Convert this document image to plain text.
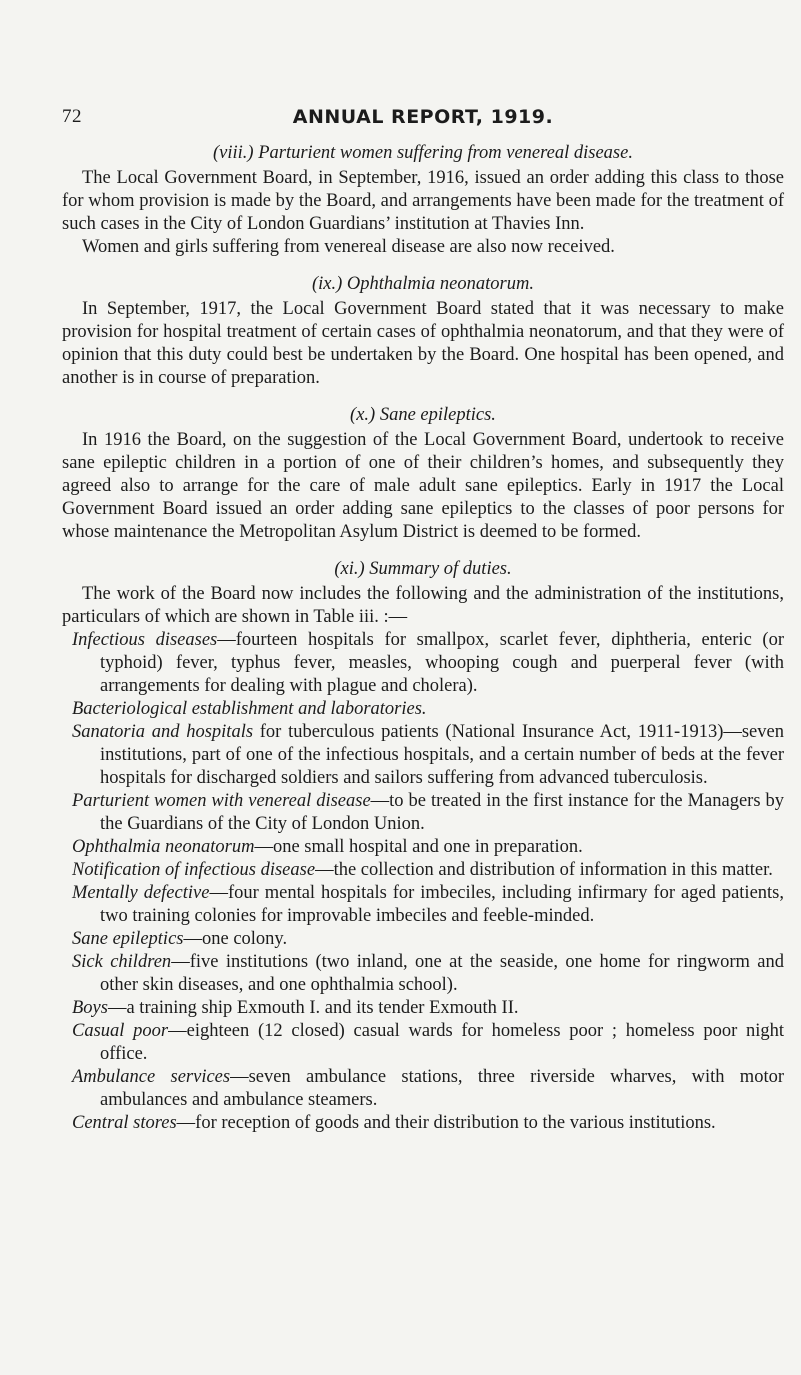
72	ANNUAL REPORT, 1919.
(viii.) Parturient women suffering from venereal disease.

The Local Government Board, in September, 1916, issued an order adding this class to those for whom provision is made by the Board, and arrangements have been made for the treatment of such cases in the City of London Guardians’ institution at Thavies Inn.

Women and girls suffering from venereal disease are also now received.

(ix.) Ophthalmia neonatorum.

In September, 1917, the Local Government Board stated that it was necessary to make provision for hospital treatment of certain cases of ophthalmia neonatorum, and that they were of opinion that this duty could best be undertaken by the Board. One hospital has been opened, and another is in course of preparation.

(x.) Sane epileptics.

In 1916 the Board, on the suggestion of the Local Government Board, undertook to receive sane epileptic children in a portion of one of their children’s homes, and subsequently they agreed also to arrange for the care of male adult sane epileptics. Early in 1917 the Local Government Board issued an order adding sane epileptics to the classes of poor persons for whose maintenance the Metropolitan Asylum District is deemed to be formed.

(xi.) Summary of duties.

The work of the Board now includes the following and the administration of the institutions, particulars of which are shown in Table iii. :—

Infectious diseases—fourteen hospitals for smallpox, scarlet fever, diphtheria, enteric (or typhoid) fever, typhus fever, measles, whooping cough and puerperal fever (with arrangements for dealing with plague and cholera).
Bacteriological establishment and laboratories.
Sanatoria and hospitals for tuberculous patients (National Insurance Act, 1911-1913)—seven institutions, part of one of the infectious hospitals, and a certain number of beds at the fever hospitals for discharged soldiers and sailors suffering from advanced tuberculosis.
Parturient women with venereal disease—to be treated in the first instance for the Managers by the Guardians of the City of London Union.
Ophthalmia neonatorum—one small hospital and one in preparation.
Notification of infectious disease—the collection and distribution of information in this matter.
Mentally defective—four mental hospitals for imbeciles, including infirmary for aged patients, two training colonies for improvable imbeciles and feeble-minded.
Sane epileptics—one colony.
Sick children—five institutions (two inland, one at the seaside, one home for ringworm and other skin diseases, and one ophthalmia school).
Boys—a training ship Exmouth I. and its tender Exmouth II.
Casual poor—eighteen (12 closed) casual wards for homeless poor ; homeless poor night office.
Ambulance services—seven ambulance stations, three riverside wharves, with motor ambulances and ambulance steamers.
Central stores—for reception of goods and their distribution to the various institutions.
